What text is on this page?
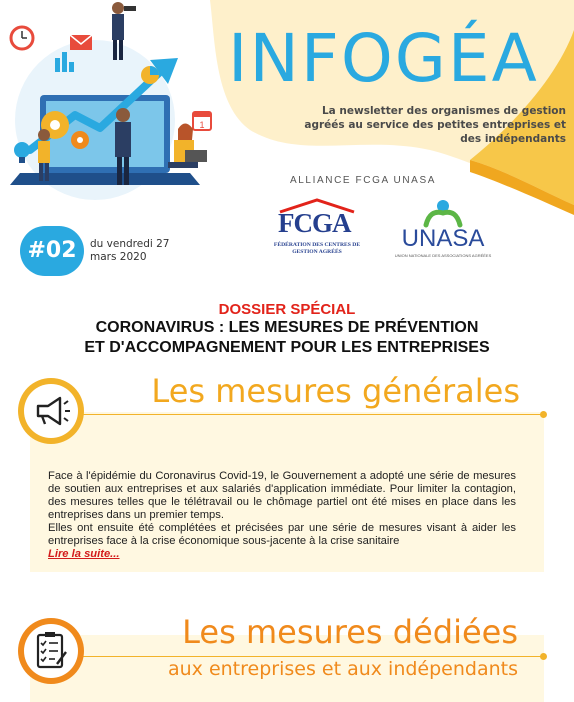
1
INFOGÉA
La newsletter des organismes de gestion agréés au service des petites entreprises et des indépendants
ALLIANCE FCGA UNASA
FCGA
FÉDÉRATION DES CENTRES DE GESTION AGRÉÉS	UNASA
UNION NATIONALE DES ASSOCIATIONS AGRÉÉES
#02	du vendredi 27 mars 2020
DOSSIER SPÉCIAL
CORONAVIRUS : LES MESURES DE PRÉVENTION
ET D'ACCOMPAGNEMENT POUR LES ENTREPRISES
Les mesures générales

Face à l'épidémie du Coronavirus Covid-19, le Gouvernement a adopté une série de mesures de soutien aux entreprises et aux salariés d'application immédiate. Pour limiter la contagion, des mesures telles que le télétravail ou le chômage partiel ont été mises en place dans les entreprises dans un premier temps.

Elles ont ensuite été complétées et précisées par une série de mesures visant à aider les entreprises face à la crise économique sous-jacente à la crise sanitaire

Lire la suite...
Les mesures dédiées
aux entreprises et aux indépendants
